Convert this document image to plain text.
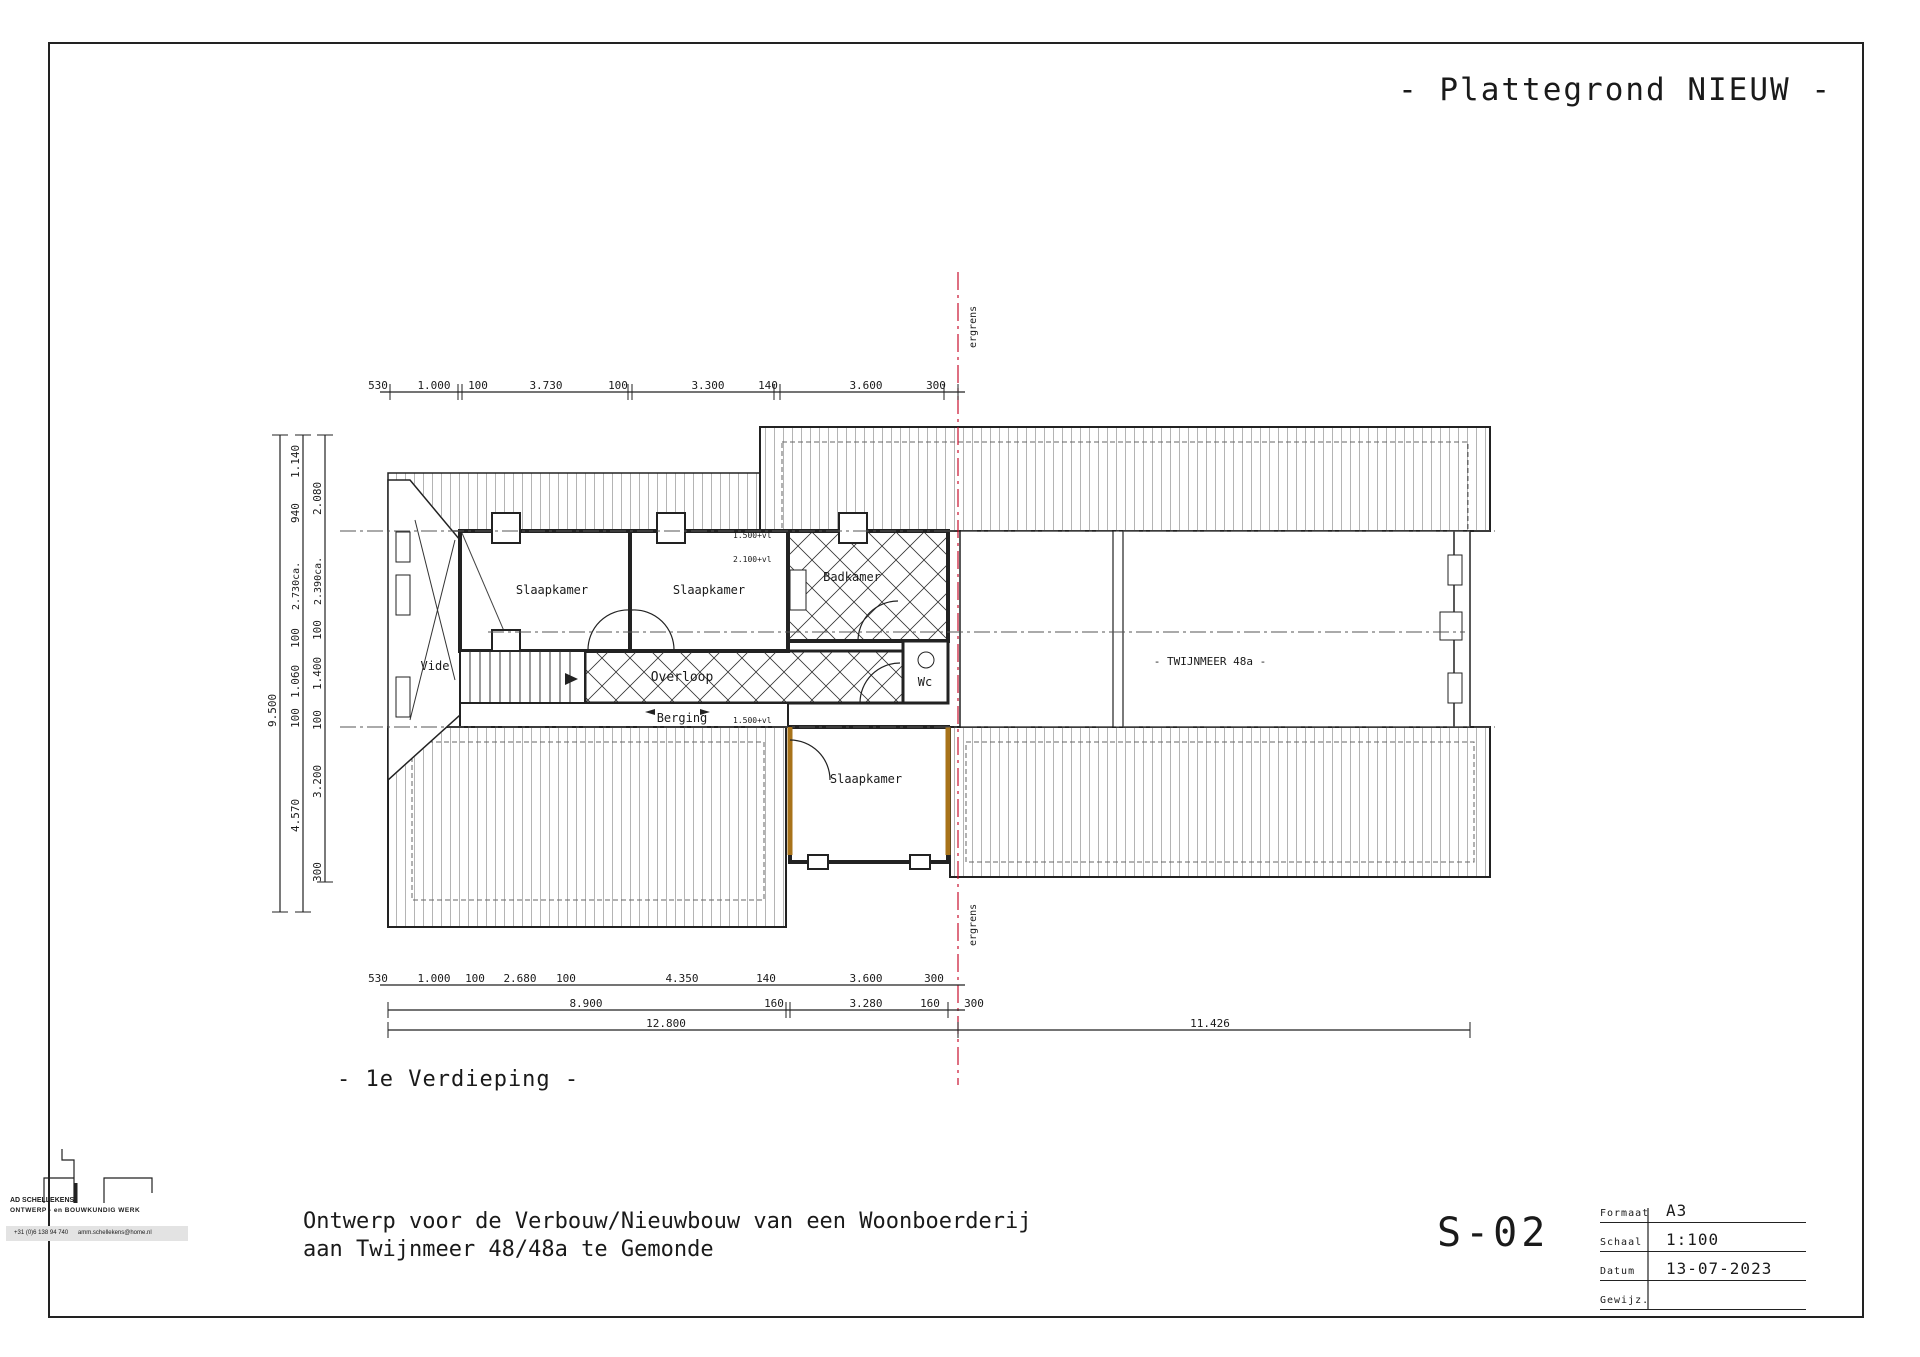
- Plattegrond NIEUW -
ergrens
ergrens
Slaapkamer	Slaapkamer
Badkamer
Overloop	Wc
Vide
Berging
Slaapkamer
- TWIJNMEER 48a -
1.500+vl
2.100+vl
1.500+vl
530	1.000 100	3.730	100	3.300	140	3.600	300
530	1.000 100 2.680 100	4.350	140	3.600	300
8.900	160	3.280	160 300
12.800	11.426
9.500
1.140
940
2.730ca.
100
1.060
100
4.570
2.080
2.390ca.
100
1.400
100
3.200
300
- 1e Verdieping -
Ontwerp voor de Verbouw/Nieuwbouw van een Woonboerderij
aan Twijnmeer 48/48a te Gemonde	S-02	Formaat A3
Schaal 1:100
Datum 13-07-2023
Gewijz.
AD SCHELLEKENS
ONTWERP - en BOUWKUNDIG WERK
+31 (0)6 138 94 740 amm.schellekens@home.nl
